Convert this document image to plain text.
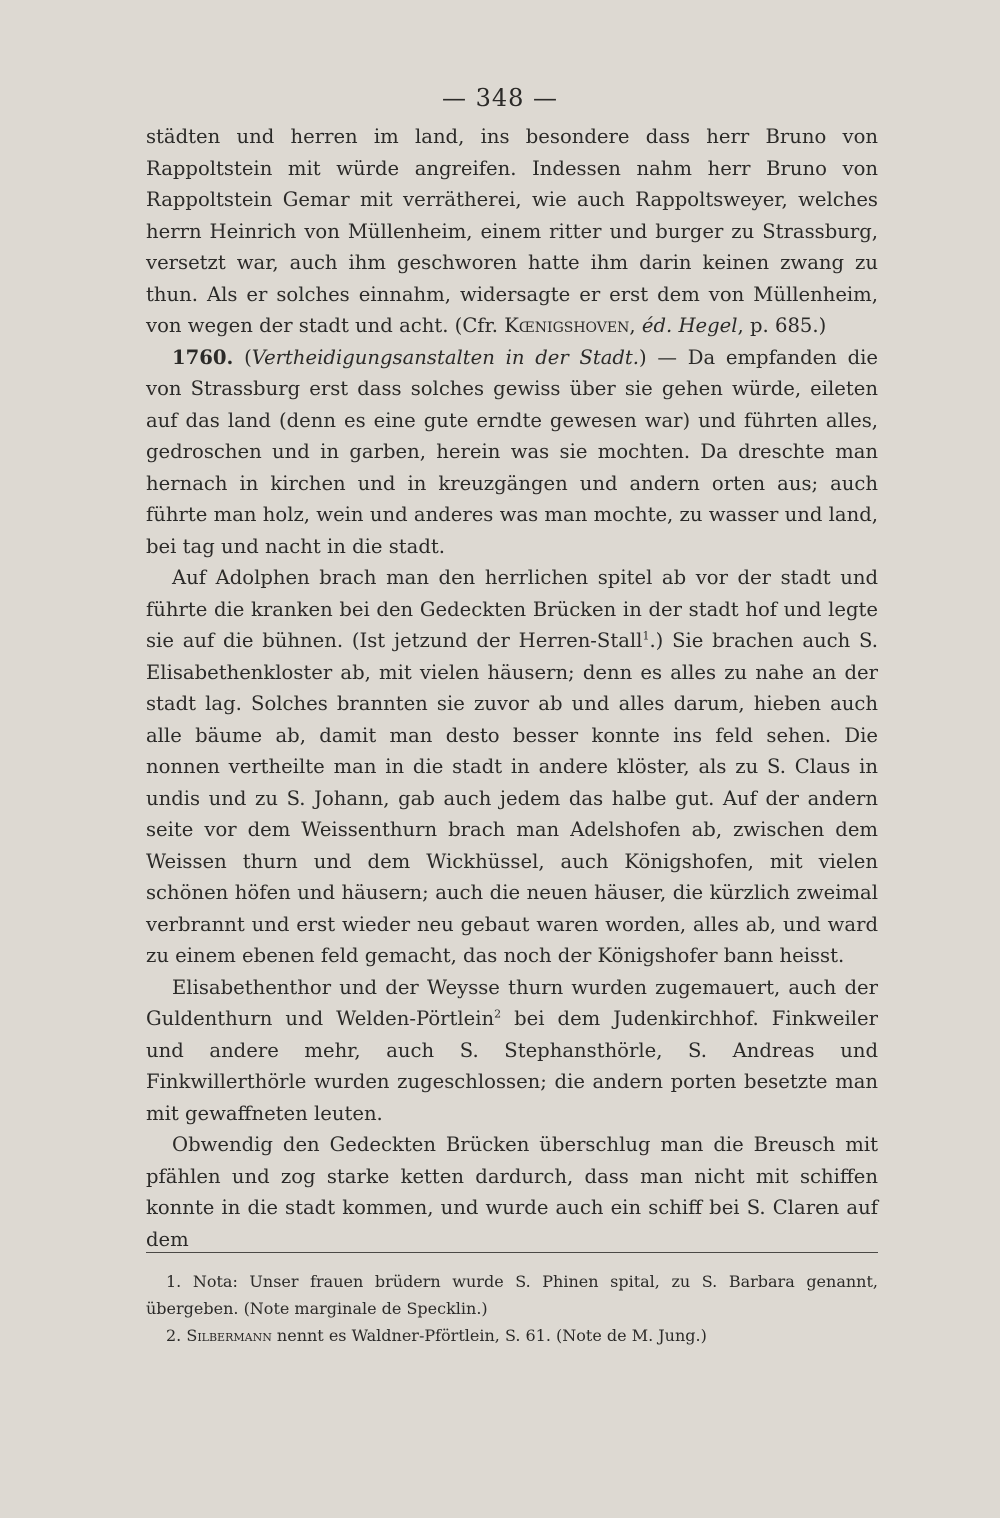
— 348 —

städten und herren im land, ins besondere dass herr Bruno von Rappoltstein mit würde angreifen. Indessen nahm herr Bruno von Rappoltstein Gemar mit verrätherei, wie auch Rappoltsweyer, welches herrn Heinrich von Müllenheim, einem ritter und burger zu Strassburg, versetzt war, auch ihm geschworen hatte ihm darin keinen zwang zu thun. Als er solches einnahm, widersagte er erst dem von Müllenheim, von wegen der stadt und acht. (Cfr. Kœnigshoven, éd. Hegel, p. 685.)

1760. (Vertheidigungsanstalten in der Stadt.) — Da empfanden die von Strassburg erst dass solches gewiss über sie gehen würde, eileten auf das land (denn es eine gute erndte gewesen war) und führten alles, gedroschen und in garben, herein was sie mochten. Da dreschte man hernach in kirchen und in kreuzgängen und andern orten aus; auch führte man holz, wein und anderes was man mochte, zu wasser und land, bei tag und nacht in die stadt.

Auf Adolphen brach man den herrlichen spitel ab vor der stadt und führte die kranken bei den Gedeckten Brücken in der stadt hof und legte sie auf die bühnen. (Ist jetzund der Herren-Stall$^1$.) Sie brachen auch S. Elisabethenkloster ab, mit vielen häusern; denn es alles zu nahe an der stadt lag. Solches brannten sie zuvor ab und alles darum, hieben auch alle bäume ab, damit man desto besser konnte ins feld sehen. Die nonnen vertheilte man in die stadt in andere klöster, als zu S. Claus in undis und zu S. Johann, gab auch jedem das halbe gut. Auf der andern seite vor dem Weissenthurn brach man Adelshofen ab, zwischen dem Weissen thurn und dem Wickhüssel, auch Königshofen, mit vielen schönen höfen und häusern; auch die neuen häuser, die kürzlich zweimal verbrannt und erst wieder neu gebaut waren worden, alles ab, und ward zu einem ebenen feld gemacht, das noch der Königshofer bann heisst.

Elisabethenthor und der Weysse thurn wurden zugemauert, auch der Guldenthurn und Welden-Pörtlein$^2$ bei dem Judenkirchhof. Finkweiler und andere mehr, auch S. Stephansthörle, S. Andreas und Finkwillerthörle wurden zugeschlossen; die andern porten besetzte man mit gewaffneten leuten.

Obwendig den Gedeckten Brücken überschlug man die Breusch mit pfählen und zog starke ketten dardurch, dass man nicht mit schiffen konnte in die stadt kommen, und wurde auch ein schiff bei S. Claren auf dem

1. Nota: Unser frauen brüdern wurde S. Phinen spital, zu S. Barbara genannt, übergeben. (Note marginale de Specklin.)

2. Silbermann nennt es Waldner-Pförtlein, S. 61. (Note de M. Jung.)
